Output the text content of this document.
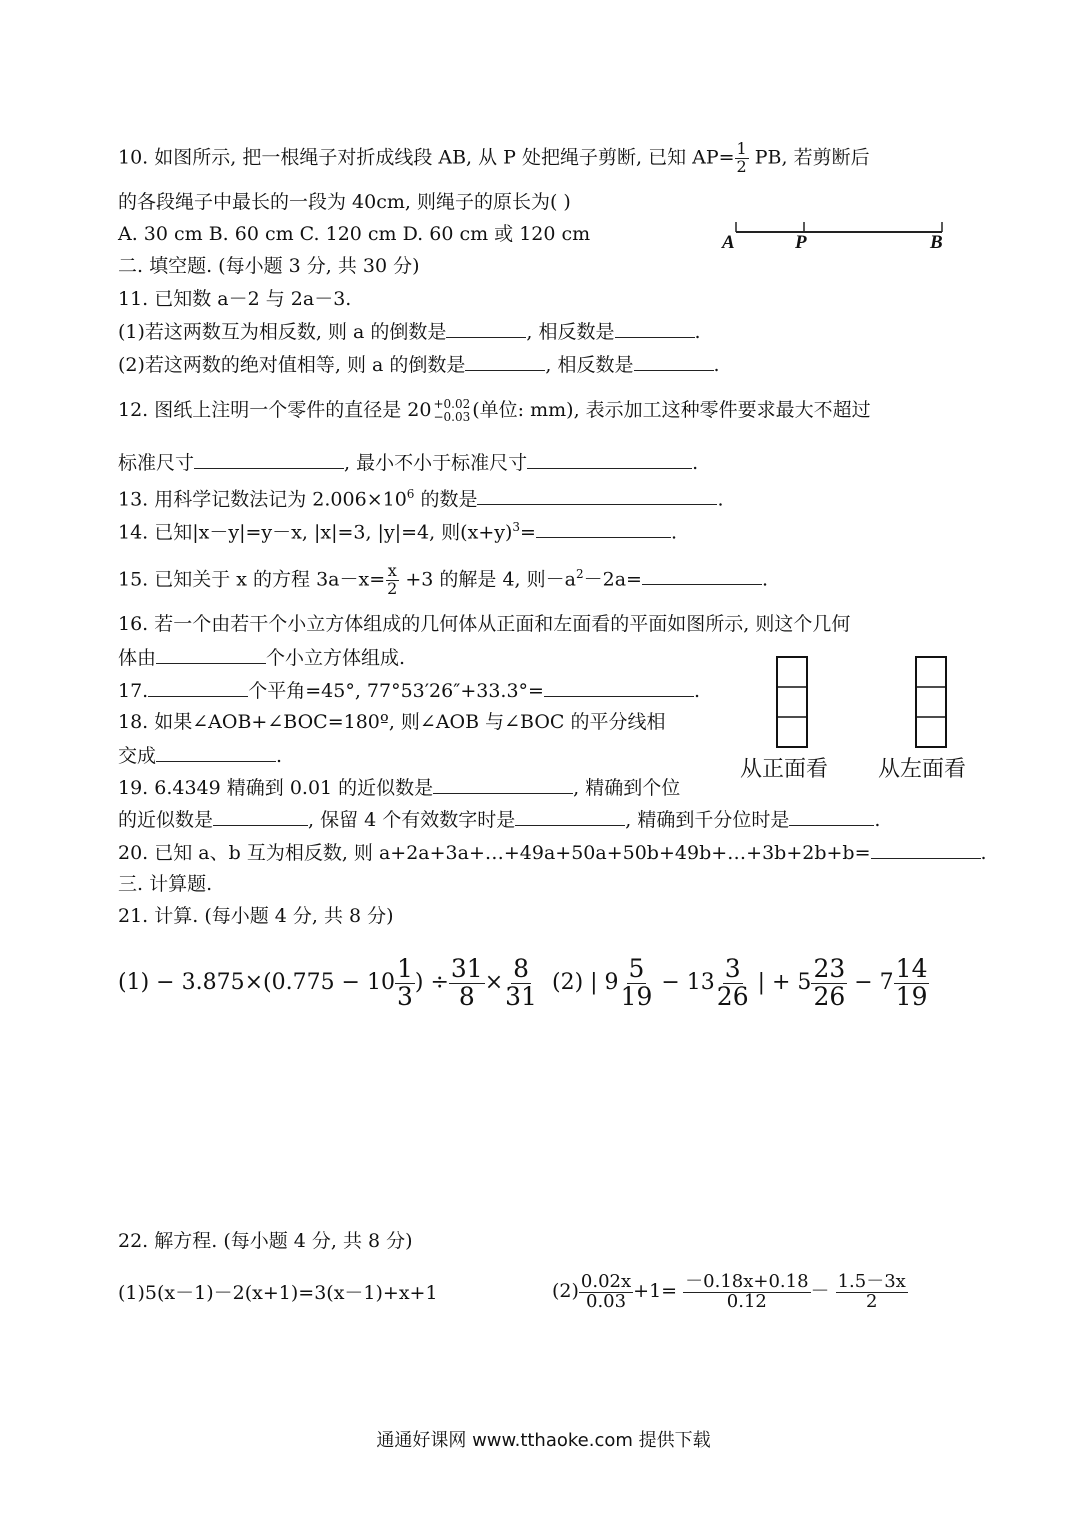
10. 如图所示, 把一根绳子对折成线段 AB, 从 P 处把绳子剪断, 已知 $AP= \frac{1}{2}$ PB, 若剪断后
的各段绳子中最长的一段为 40cm, 则绳子的原长为( )
A. 30 cm B. 60 cm C. 120 cm D. 60 cm 或 120 cm	A	P	B
二. 填空题. (每小题 3 分, 共 30 分)
11. 已知数 a－2 与 2a－3.
(1)若这两数互为相反数, 则 a 的倒数是	, 相反数是	.
(2)若这两数的绝对值相等, 则 a 的倒数是	, 相反数是	.
12. 图纸上注明一个零件的直径是 20 +0.02
−0.03 (单位: mm), 表示加工这种零件要求最大不超过
标准尺寸	, 最小不小于标准尺寸	.
13. 用科学记数法记为 $2.006\times 10^6$ 的数是	.
14. 已知|x－y|=y－x, |x|=3, |y|=4, 则$(x+y)^3=$	.
15. 已知关于 x 的方程 $3a-x= \frac{x}{2} +3$ 的解是 4, 则$-a^2-2a=$	.
16. 若一个由若干个小立方体组成的几何体从正面和左面看的平面如图所示, 则这个几何
体由	个小立方体组成.
从正面看 从左面看
17.	个平角=45°, 77°53′26″+33.3°=	.
18. 如果∠AOB+∠BOC=180º, 则∠AOB 与∠BOC 的平分线相
交成	.
19. 6.4349 精确到 0.01 的近似数是	, 精确到个位
的近似数是	, 保留 4 个有效数字时是	, 精确到千分位时是	.
20. 已知 a、b 互为相反数, 则 a+2a+3a+…+49a+50a+50b+49b+…+3b+2b+b=	.
三. 计算题.
21. 计算. (每小题 4 分, 共 8 分)
$(1) - 3.875\times(0.775 - 10 \frac{1}{3}$ ) ÷ $\frac{31}{8} \times \frac{8}{31} (2)$ | $9 \frac{5}{19} - 13 \frac{3}{26}$ | + $5 \frac{23}{26} - 7 \frac{14}{19}$
22. 解方程. (每小题 4 分, 共 8 分)
(1)5(x－1)－2(x+1)=3(x－1)+x+1	$(2) \frac{0.02x}{0.03} +1= \frac{-0.18x+0.18}{0.12} - \frac{1.5-3x}{2}$
通通好课网 www.tthaoke.com 提供下载
